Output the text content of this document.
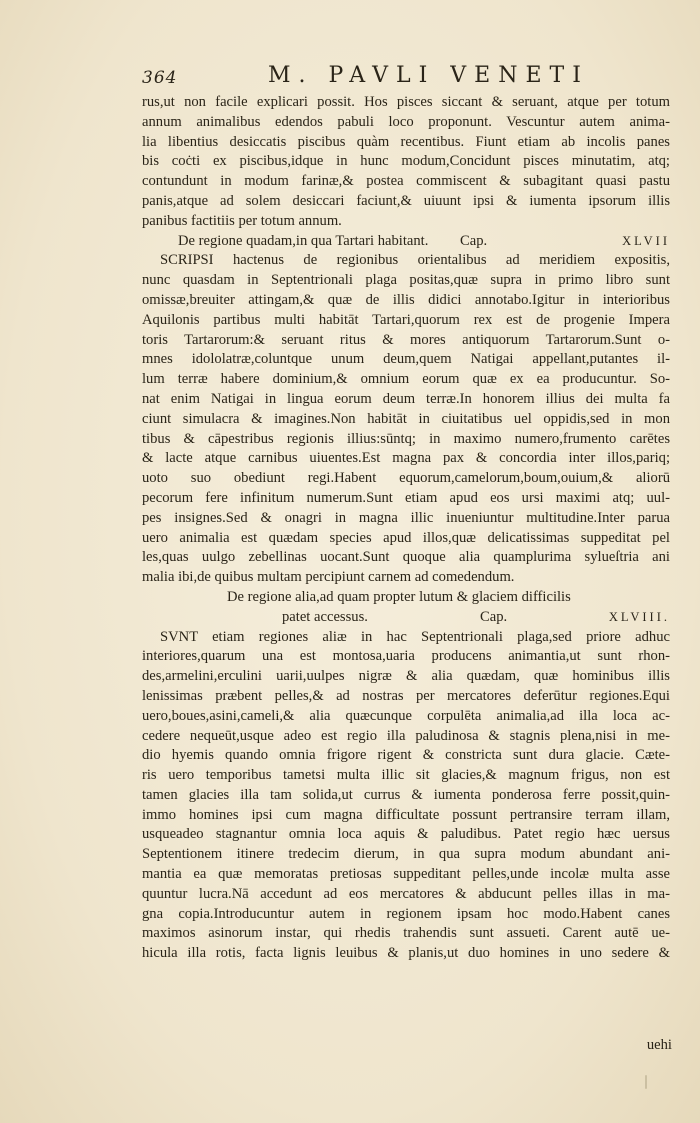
364	M. PAVLI VENETI
rus,ut non facile explicari possit. Hos pisces siccant & seruant, atque per totum
annum animalibus edendos pabuli loco proponunt. Vescuntur autem anima-
lia libentius desiccatis piscibus quàm recentibus. Fiunt etiam ab incolis panes
bis coċti ex piscibus,idque in hunc modum,Concidunt pisces minutatim, atq;
contundunt in modum farinæ,& postea commiscent & subagitant quasi pastu
panis,atque ad solem desiccari faciunt,& uiuunt ipsi & iumenta ipsorum illis
panibus factitiis per totum annum.
De regione quadam,in qua Tartari habitant. Cap.	XLVII
SCRIPSI hactenus de regionibus orientalibus ad meridiem expositis,
nunc quasdam in Septentrionali plaga positas,quæ supra in primo libro sunt
omissæ,breuiter attingam,& quæ de illis didici annotabo.Igitur in interioribus
Aquilonis partibus multi habitāt Tartari,quorum rex est de progenie Impera
toris Tartarorum:& seruant ritus & mores antiquorum Tartarorum.Sunt o-
mnes idololatræ,coluntque unum deum,quem Natigai appellant,putantes il-
lum terræ habere dominium,& omnium eorum quæ ex ea producuntur. So-
nat enim Natigai in lingua eorum deum terræ.In honorem illius dei multa fa
ciunt simulacra & imagines.Non habitāt in ciuitatibus uel oppidis,sed in mon
tibus & cāpestribus regionis illius:sūntq; in maximo numero,frumento carētes
& lacte atque carnibus uiuentes.Est magna pax & concordia inter illos,pariq;
uoto suo obediunt regi.Habent equorum,camelorum,boum,ouium,& aliorū
pecorum fere infinitum numerum.Sunt etiam apud eos ursi maximi atq; uul-
pes insignes.Sed & onagri in magna illic inueniuntur multitudine.Inter parua
uero animalia est quædam species apud illos,quæ delicatissimas suppeditat pel
les,quas uulgo zebellinas uocant.Sunt quoque alia quamplurima sylueſtria ani
malia ibi,de quibus multam percipiunt carnem ad comedendum.
De regione alia,ad quam propter lutum & glaciem difficilis
patet accessus.	Cap.	XLVIII.
SVNT etiam regiones aliæ in hac Septentrionali plaga,sed priore adhuc
interiores,quarum una est montosa,uaria producens animantia,ut sunt rhon-
des,armelini,erculini uarii,uulpes nigræ & alia quædam, quæ hominibus illis
lenissimas præbent pelles,& ad nostras per mercatores deferūtur regiones.Equi
uero,boues,asini,cameli,& alia quæcunque corpulēta animalia,ad illa loca ac-
cedere nequeūt,usque adeo est regio illa paludinosa & stagnis plena,nisi in me-
dio hyemis quando omnia frigore rigent & constricta sunt dura glacie. Cæte-
ris uero temporibus tametsi multa illic sit glacies,& magnum frigus, non est
tamen glacies illa tam solida,ut currus & iumenta ponderosa ferre possit,quin-
immo homines ipsi cum magna difficultate possunt pertransire terram illam,
usqueadeo stagnantur omnia loca aquis & paludibus. Patet regio hæc uersus
Septentionem itinere tredecim dierum, in qua supra modum abundant ani-
mantia ea quæ memoratas pretiosas suppeditant pelles,unde incolæ multa asse
quuntur lucra.Nā accedunt ad eos mercatores & abducunt pelles illas in ma-
gna copia.Introducuntur autem in regionem ipsam hoc modo.Habent canes
maximos asinorum instar, qui rhedis trahendis sunt assueti. Carent autē ue-
hicula illa rotis, facta lignis leuibus & planis,ut duo homines in uno sedere &
uehi
